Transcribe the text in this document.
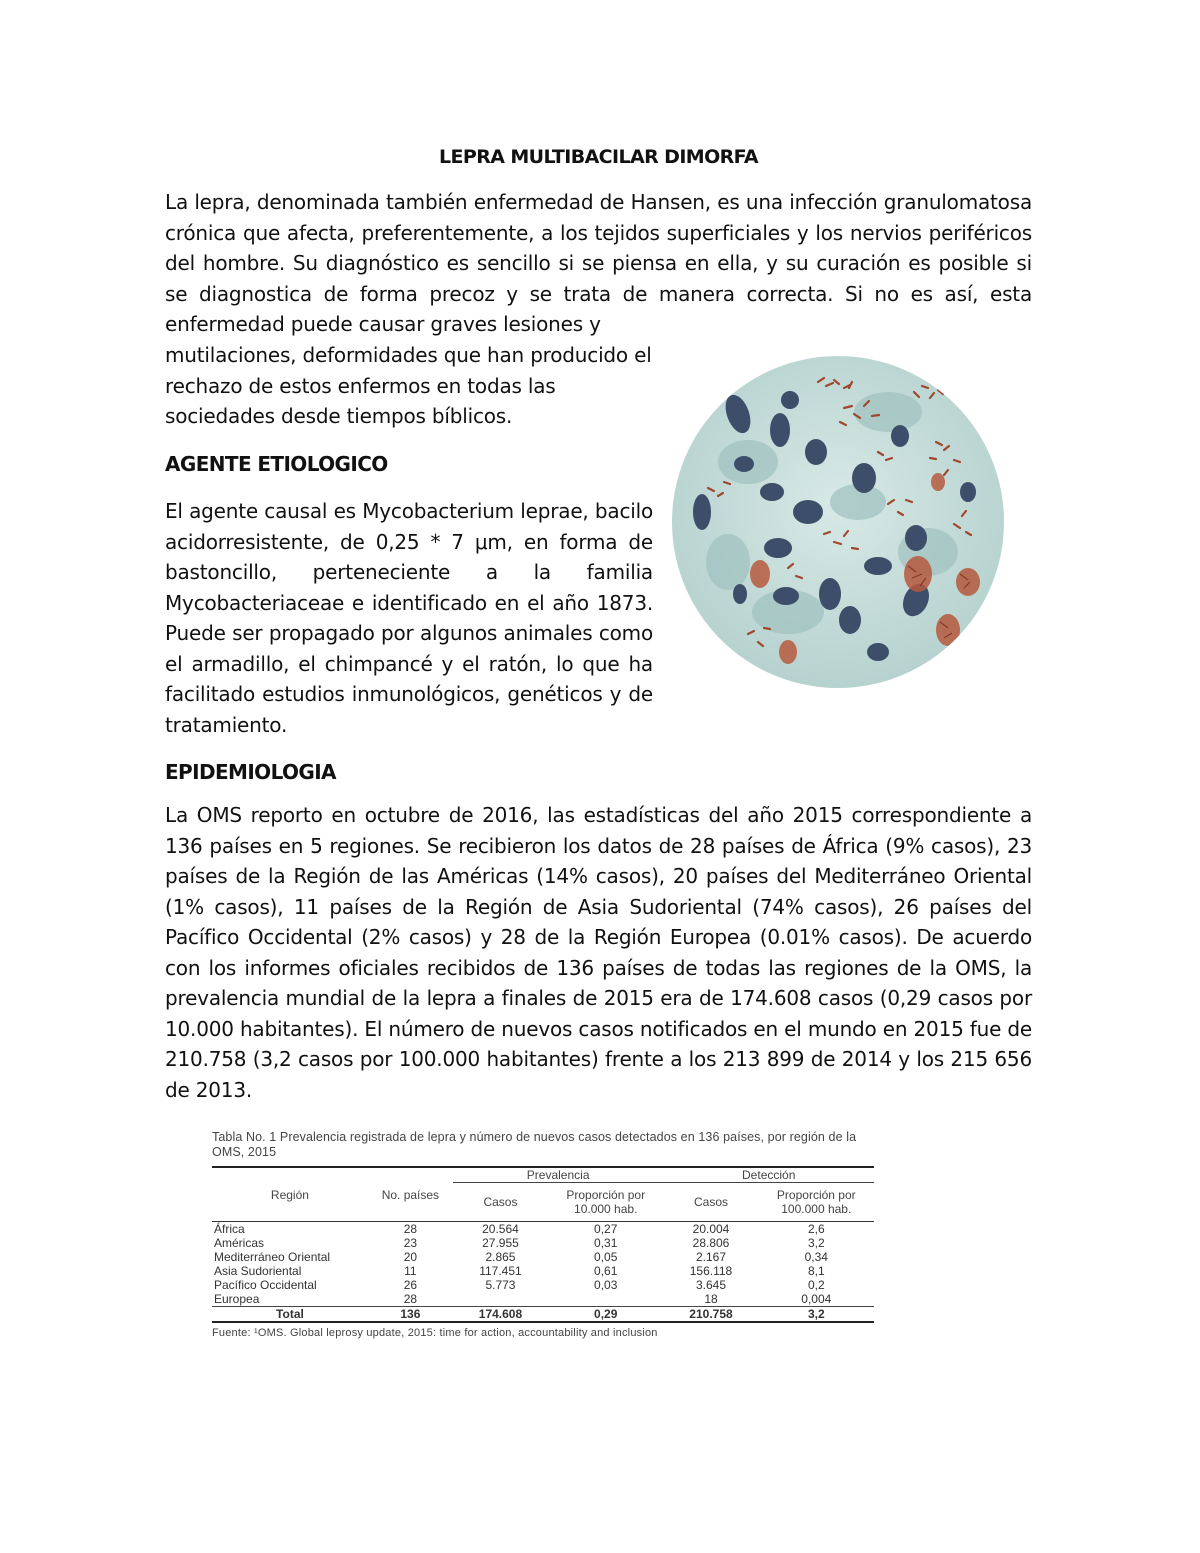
LEPRA MULTIBACILAR DIMORFA

La lepra, denominada también enfermedad de Hansen, es una infección granulomatosa crónica que afecta, preferentemente, a los tejidos superficiales y los nervios periféricos del hombre. Su diagnóstico es sencillo si se piensa en ella, y su curación es posible si se diagnostica de forma precoz y se trata de manera correcta. Si no es así, esta enfermedad puede causar graves lesiones y

mutilaciones, deformidades que han producido el rechazo de estos enfermos en todas las sociedades desde tiempos bíblicos.

AGENTE ETIOLOGICO

El agente causal es Mycobacterium leprae, bacilo acidorresistente, de 0,25 * 7 μm, en forma de bastoncillo, perteneciente a la familia Mycobacteriaceae e identificado en el año 1873. Puede ser propagado por algunos animales como el armadillo, el chimpancé y el ratón, lo que ha facilitado estudios inmunológicos, genéticos y de tratamiento.

EPIDEMIOLOGIA

La OMS reporto en octubre de 2016, las estadísticas del año 2015 correspondiente a 136 países en 5 regiones. Se recibieron los datos de 28 países de África (9% casos), 23 países de la Región de las Américas (14% casos), 20 países del Mediterráneo Oriental (1% casos), 11 países de la Región de Asia Sudoriental (74% casos), 26 países del Pacífico Occidental (2% casos) y 28 de la Región Europea (0.01% casos). De acuerdo con los informes oficiales recibidos de 136 países de todas las regiones de la OMS, la prevalencia mundial de la lepra a finales de 2015 era de 174.608 casos (0,29 casos por 10.000 habitantes). El número de nuevos casos notificados en el mundo en 2015 fue de 210.758 (3,2 casos por 100.000 habitantes) frente a los 213 899 de 2014 y los 215 656 de 2013.

Tabla No. 1 Prevalencia registrada de lepra y número de nuevos casos detectados en 136 países, por región de la OMS, 2015
Región	No. países	Prevalencia		Detección	
		Casos	Proporción por 10.000 hab.	Casos	Proporción por 100.000 hab.
África	28	20.564	0,27	20.004	2,6
Américas	23	27.955	0,31	28.806	3,2
Mediterráneo Oriental	20	2.865	0,05	2.167	0,34
Asia Sudoriental	11	117.451	0,61	156.118	8,1
Pacífico Occidental	26	5.773	0,03	3.645	0,2
Europea	28			18	0,004
Total	136	174.608	0,29	210.758	3,2
Fuente: ¹OMS. Global leprosy update, 2015: time for action, accountability and inclusion
